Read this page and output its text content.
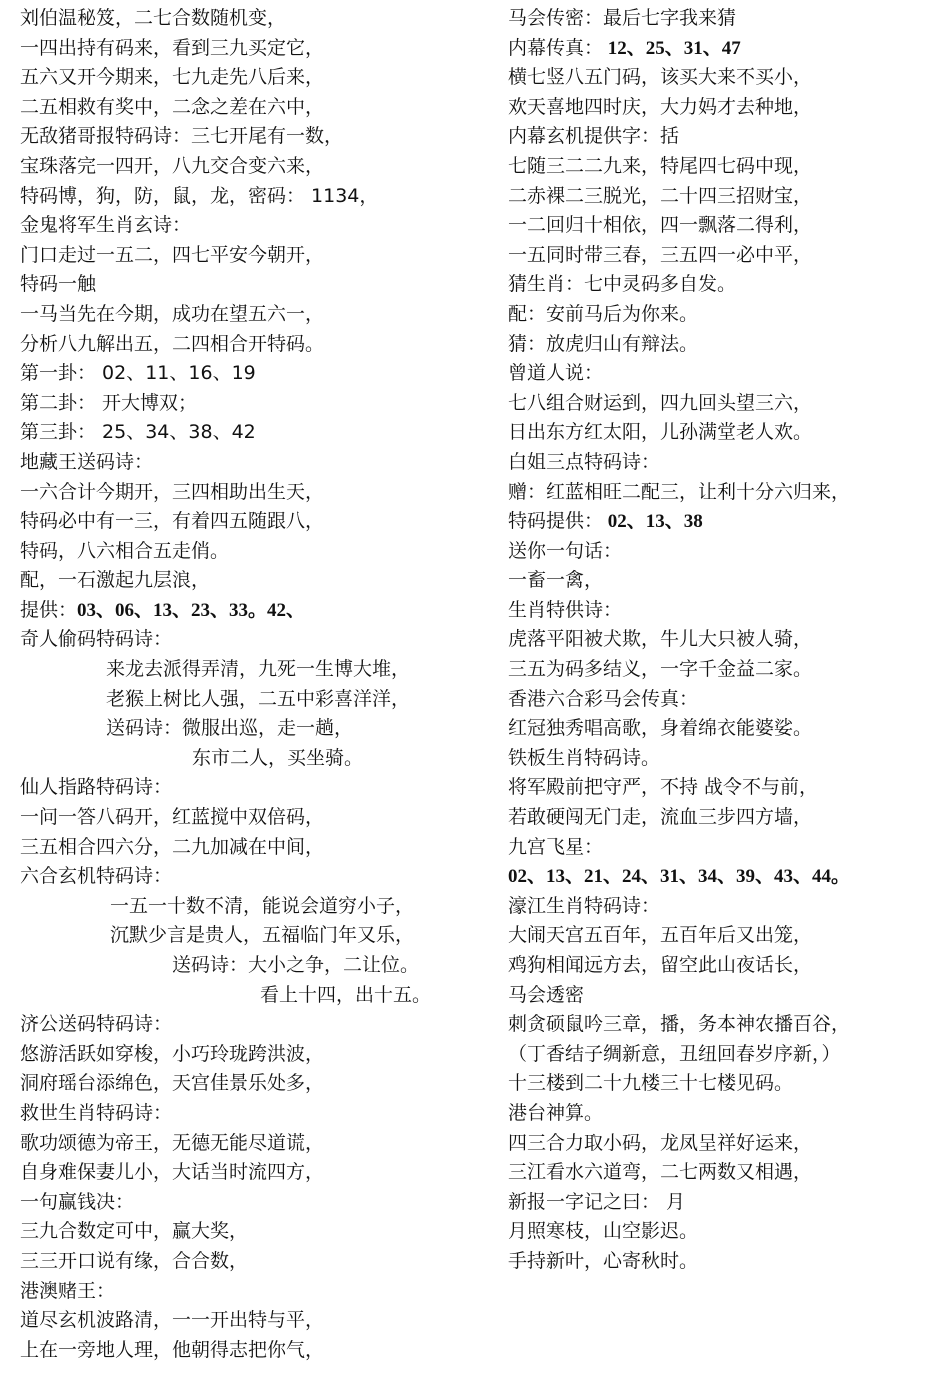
刘伯温秘笈，二七合数随机变，
一四出持有码来，看到三九买定它，
五六又开今期来，七九走先八后来，
二五相救有奖中，二念之差在六中，
无敌猪哥报特码诗：三七开尾有一数，
宝珠落完一四开，八九交合变六来，
特码博，狗，防，鼠，龙，密码： 1134，
金鬼将军生肖玄诗：
门口走过一五二，四七平安今朝开，
特码一触
一马当先在今期，成功在望五六一，
分析八九解出五，二四相合开特码。
第一卦： 02、11、16、19
第二卦： 开大博双；
第三卦： 25、34、38、42
地藏王送码诗：
一六合计今期开，三四相助出生天，
特码必中有一三，有着四五随跟八，
特码，八六相合五走俏。
配，一石激起九层浪，
提供：03、06、13、23、33。42、
奇人偷码特码诗：
来龙去派得弄清，九死一生博大堆，
老猴上树比人强，二五中彩喜洋洋，
送码诗：微服出巡，走一趟，
东市二人，买坐骑。
仙人指路特码诗：
一问一答八码开，红蓝搅中双倍码，
三五相合四六分，二九加减在中间，
六合玄机特码诗：
一五一十数不清，能说会道穷小子，
沉默少言是贵人，五福临门年又乐，
送码诗：大小之争，二让位。
看上十四，出十五。
济公送码特码诗：
悠游活跃如穿梭，小巧玲珑跨洪波，
洞府瑶台添绵色，天宫佳景乐处多，
救世生肖特码诗：
歌功颂德为帝王，无德无能尽道谎，
自身难保妻儿小，大话当时流四方，
一句赢钱决：
三九合数定可中，赢大奖，
三三开口说有缘，合合数，
港澳赌王：
道尽玄机波路清，一一开出特与平，
上在一旁地人理，他朝得志把你气，
马会传密：最后七字我来猜
内幕传真： 12、25、31、47
横七竖八五门码，该买大来不买小，
欢天喜地四时庆，大力妈才去种地，
内幕玄机提供字：括
七随三二二九来，特尾四七码中现，
二赤裸二三脱光，二十四三招财宝，
一二回归十相依，四一飘落二得利，
一五同时带三春，三五四一必中平，
猜生肖：七中灵码多自发。
配：安前马后为你来。
猜：放虎归山有辩法。
曾道人说：
七八组合财运到，四九回头望三六，
日出东方红太阳，儿孙满堂老人欢。
白姐三点特码诗：
赠：红蓝相旺二配三，让利十分六归来，
特码提供： 02、13、38
送你一句话：
一畜一禽，
生肖特供诗：
虎落平阳被犬欺，牛儿大只被人骑，
三五为码多结义，一字千金益二家。
香港六合彩马会传真：
红冠独秀唱高歌，身着绵衣能婆娑。
铁板生肖特码诗。
将军殿前把守严，不持 战令不与前，
若敢硬闯无门走，流血三步四方墙，
九宫飞星：
02、13、21、24、31、34、39、43、44。
濠江生肖特码诗：
大闹天宫五百年，五百年后又出笼，
鸡狗相闻远方去，留空此山夜话长，
马会透密
刺贪硕鼠吟三章，播，务本神农播百谷，
（丁香结子绸新意，丑纽回春岁序新，）
十三楼到二十九楼三十七楼见码。
港台神算。
四三合力取小码，龙凤呈祥好运来，
三江看水六道弯，二七两数又相遇，
新报一字记之曰： 月
月照寒枝，山空影迟。
手持新叶，心寄秋时。
